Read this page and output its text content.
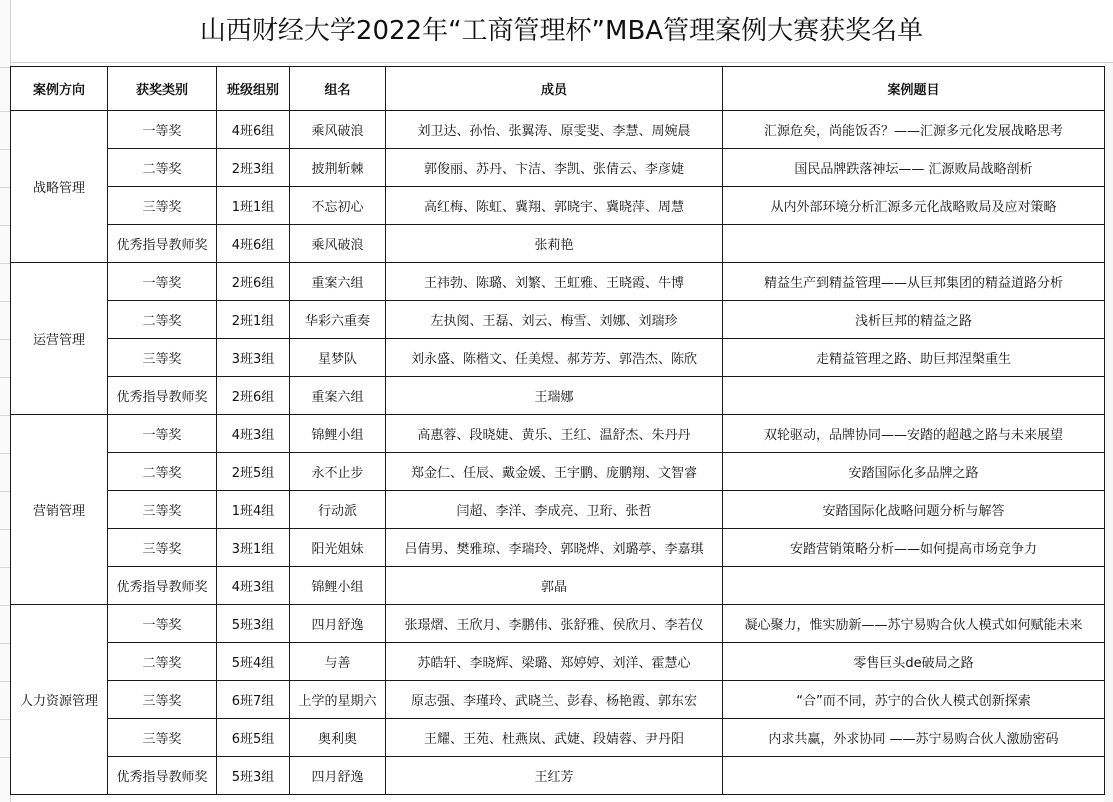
山西财经大学2022年“工商管理杯”MBA管理案例大赛获奖名单
案例方向	获奖类别	班级组别	组名	成员	案例题目
战略管理	一等奖	4班6组	乘风破浪	刘卫达、孙怡、张翼涛、原雯斐、李慧、周婉晨	汇源危矣，尚能饭否？——汇源多元化发展战略思考
	二等奖	2班3组	披荆斩棘	郭俊丽、苏丹、卞洁、李凯、张倩云、李彦婕	国民品牌跌落神坛—— 汇源败局战略剖析
	三等奖	1班1组	不忘初心	高红梅、陈虹、冀翔、郭晓宇、冀晓萍、周慧	从内外部环境分析汇源多元化战略败局及应对策略
	优秀指导教师奖	4班6组	乘风破浪	张莉艳	
运营管理	一等奖	2班6组	重案六组	王祎勃、陈璐、刘繁、王虹雅、王晓霞、牛博	精益生产到精益管理——从巨邦集团的精益道路分析
	二等奖	2班1组	华彩六重奏	左执阂、王磊、刘云、梅雪、刘娜、刘瑞珍	浅析巨邦的精益之路
	三等奖	3班3组	星梦队	刘永盛、陈楷文、任美煜、郝芳芳、郭浩杰、陈欣	走精益管理之路、助巨邦涅槃重生
	优秀指导教师奖	2班6组	重案六组	王瑞娜	
营销管理	一等奖	4班3组	锦鲤小组	高惠蓉、段晓婕、黄乐、王红、温舒杰、朱丹丹	双轮驱动，品牌协同——安踏的超越之路与未来展望
	二等奖	2班5组	永不止步	郑金仁、任辰、戴金媛、王宇鹏、庞鹏翔、文智睿	安踏国际化多品牌之路
	三等奖	1班4组	行动派	闫超、李洋、李成亮、卫珩、张哲	安踏国际化战略问题分析与解答
	三等奖	3班1组	阳光姐妹	吕倩男、樊雅琼、李瑞玲、郭晓烨、刘璐葶、李嘉琪	安踏营销策略分析——如何提高市场竞争力
	优秀指导教师奖	4班3组	锦鲤小组	郭晶	
人力资源管理	一等奖	5班3组	四月舒逸	张璟熠、王欣月、李鹏伟、张舒雅、侯欣月、李若仪	凝心聚力，惟实励新——苏宁易购合伙人模式如何赋能未来
	二等奖	5班4组	与善	苏皓轩、李晓辉、梁璐、郑婷婷、刘洋、霍慧心	零售巨头de破局之路
	三等奖	6班7组	上学的星期六	原志强、李瑾玲、武晓兰、彭春、杨艳霞、郭东宏	“合”而不同，苏宁的合伙人模式创新探索
	三等奖	6班5组	奥利奥	王耀、王苑、杜燕岚、武婕、段婧蓉、尹丹阳	内求共赢，外求协同 ——苏宁易购合伙人激励密码
	优秀指导教师奖	5班3组	四月舒逸	王红芳	
